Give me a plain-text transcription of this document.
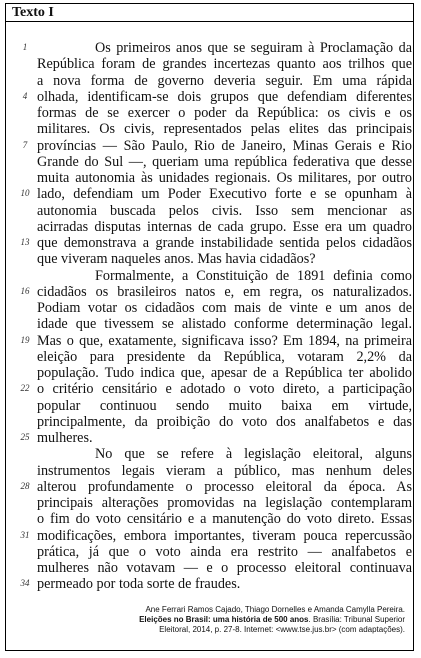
Texto I
1	Os primeiros anos que se seguiram à Proclamação da
República foram de grandes incertezas quanto aos trilhos que
a nova forma de governo deveria seguir. Em uma rápida
4 olhada, identificam-se dois grupos que defendiam diferentes
formas de se exercer o poder da República: os civis e os
militares. Os civis, representados pelas elites das principais
7 províncias — São Paulo, Rio de Janeiro, Minas Gerais e Rio
Grande do Sul —, queriam uma república federativa que desse
muita autonomia às unidades regionais. Os militares, por outro
10 lado, defendiam um Poder Executivo forte e se opunham à
autonomia buscada pelos civis. Isso sem mencionar as
acirradas disputas internas de cada grupo. Esse era um quadro
13 que demonstrava a grande instabilidade sentida pelos cidadãos
que viveram naqueles anos. Mas havia cidadãos?
Formalmente, a Constituição de 1891 definia como
16 cidadãos os brasileiros natos e, em regra, os naturalizados.
Podiam votar os cidadãos com mais de vinte e um anos de
idade que tivessem se alistado conforme determinação legal.
19 Mas o que, exatamente, significava isso? Em 1894, na primeira
eleição para presidente da República, votaram 2,2% da
população. Tudo indica que, apesar de a República ter abolido
22 o critério censitário e adotado o voto direto, a participação
popular continuou sendo muito baixa em virtude,
principalmente, da proibição do voto dos analfabetos e das
25 mulheres.
No que se refere à legislação eleitoral, alguns
instrumentos legais vieram a público, mas nenhum deles
28 alterou profundamente o processo eleitoral da época. As
principais alterações promovidas na legislação contemplaram
o fim do voto censitário e a manutenção do voto direto. Essas
31 modificações, embora importantes, tiveram pouca repercussão
prática, já que o voto ainda era restrito — analfabetos e
mulheres não votavam — e o processo eleitoral continuava
34 permeado por toda sorte de fraudes.
Ane Ferrari Ramos Cajado, Thiago Dornelles e Amanda Camylla Pereira.
Eleições no Brasil: uma história de 500 anos. Brasília: Tribunal Superior
Eleitoral, 2014, p. 27-8. Internet: <www.tse.jus.br> (com adaptações).
